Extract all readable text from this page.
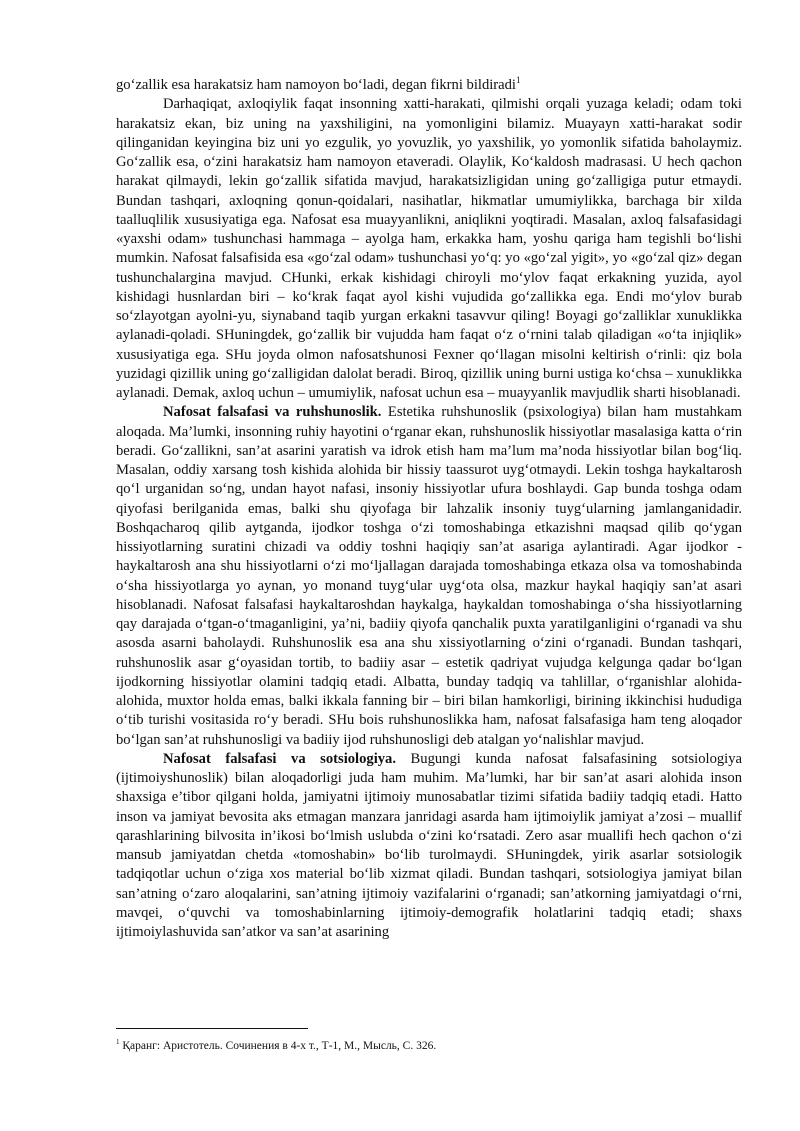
go‘zallik esa harakatsiz ham namoyon bo‘ladi, degan fikrni bildiradi$^1$

Darhaqiqat, axloqiylik faqat insonning xatti-harakati, qilmishi orqali yuzaga keladi; odam toki harakatsiz ekan, biz uning na yaxshiligini, na yomonligini bilamiz. Muayayn xatti-harakat sodir qilinganidan keyingina biz uni yo ezgulik, yo yovuzlik, yo yaxshilik, yo yomonlik sifatida baholaymiz. Go‘zallik esa, o‘zini harakatsiz ham namoyon etaveradi. Olaylik, Ko‘kaldosh madrasasi. U hech qachon harakat qilmaydi, lekin go‘zallik sifatida mavjud, harakatsizligidan uning go‘zalligiga putur etmaydi. Bundan tashqari, axloqning qonun-qoidalari, nasihatlar, hikmatlar umumiylikka, barchaga bir xilda taalluqlilik xususiyatiga ega. Nafosat esa muayyanlikni, aniqlikni yoqtiradi. Masalan, axloq falsafasidagi «yaxshi odam» tushunchasi hammaga – ayolga ham, erkakka ham, yoshu qariga ham tegishli bo‘lishi mumkin. Nafosat falsafisida esa «go‘zal odam» tushunchasi yo‘q: yo «go‘zal yigit», yo «go‘zal qiz» degan tushunchalargina mavjud. CHunki, erkak kishidagi chiroyli mo‘ylov faqat erkakning yuzida, ayol kishidagi husnlardan biri – ko‘krak faqat ayol kishi vujudida go‘zallikka ega. Endi mo‘ylov burab so‘zlayotgan ayolni-yu, siynaband taqib yurgan erkakni tasavvur qiling! Boyagi go‘zalliklar xunuklikka aylanadi-qoladi. SHuningdek, go‘zallik bir vujudda ham faqat o‘z o‘rnini talab qiladigan «o‘ta injiqlik» xususiyatiga ega. SHu joyda olmon nafosatshunosi Fexner qo‘llagan misolni keltirish o‘rinli: qiz bola yuzidagi qizillik uning go‘zalligidan dalolat beradi. Biroq, qizillik uning burni ustiga ko‘chsa – xunuklikka aylanadi. Demak, axloq uchun – umumiylik, nafosat uchun esa – muayyanlik mavjudlik sharti hisoblanadi.

Nafosat falsafasi va ruhshunoslik. Estetika ruhshunoslik (psixologiya) bilan ham mustahkam aloqada. Ma’lumki, insonning ruhiy hayotini o‘rganar ekan, ruhshunoslik hissiyotlar masalasiga katta o‘rin beradi. Go‘zallikni, san’at asarini yaratish va idrok etish ham ma’lum ma’noda hissiyotlar bilan bog‘liq. Masalan, oddiy xarsang tosh kishida alohida bir hissiy taassurot uyg‘otmaydi. Lekin toshga haykaltarosh qo‘l urganidan so‘ng, undan hayot nafasi, insoniy hissiyotlar ufura boshlaydi. Gap bunda toshga odam qiyofasi berilganida emas, balki shu qiyofaga bir lahzalik insoniy tuyg‘ularning jamlanganidadir. Boshqacharoq qilib aytganda, ijodkor toshga o‘zi tomoshabinga etkazishni maqsad qilib qo‘ygan hissiyotlarning suratini chizadi va oddiy toshni haqiqiy san’at asariga aylantiradi. Agar ijodkor - haykaltarosh ana shu hissiyotlarni o‘zi mo‘ljallagan darajada tomoshabinga etkaza olsa va tomoshabinda o‘sha hissiyotlarga yo aynan, yo monand tuyg‘ular uyg‘ota olsa, mazkur haykal haqiqiy san’at asari hisoblanadi. Nafosat falsafasi haykaltaroshdan haykalga, haykaldan tomoshabinga o‘sha hissiyotlarning qay darajada o‘tgan-o‘tmaganligini, ya’ni, badiiy qiyofa qanchalik puxta yaratilganligini o‘rganadi va shu asosda asarni baholaydi. Ruhshunoslik esa ana shu xissiyotlarning o‘zini o‘rganadi. Bundan tashqari, ruhshunoslik asar g‘oyasidan tortib, to badiiy asar – estetik qadriyat vujudga kelgunga qadar bo‘lgan ijodkorning hissiyotlar olamini tadqiq etadi. Albatta, bunday tadqiq va tahlillar, o‘rganishlar alohida-alohida, muxtor holda emas, balki ikkala fanning bir – biri bilan hamkorligi, birining ikkinchisi hududiga o‘tib turishi vositasida ro‘y beradi. SHu bois ruhshunoslikka ham, nafosat falsafasiga ham teng aloqador bo‘lgan san’at ruhshunosligi va badiiy ijod ruhshunosligi deb atalgan yo‘nalishlar mavjud.

Nafosat falsafasi va sotsiologiya. Bugungi kunda nafosat falsafasining sotsiologiya (ijtimoiyshunoslik) bilan aloqadorligi juda ham muhim. Ma’lumki, har bir san’at asari alohida inson shaxsiga e’tibor qilgani holda, jamiyatni ijtimoiy munosabatlar tizimi sifatida badiiy tadqiq etadi. Hatto inson va jamiyat bevosita aks etmagan manzara janridagi asarda ham ijtimoiylik jamiyat a’zosi – muallif qarashlarining bilvosita in’ikosi bo‘lmish uslubda o‘zini ko‘rsatadi. Zero asar muallifi hech qachon o‘zi mansub jamiyatdan chetda «tomoshabin» bo‘lib turolmaydi. SHuningdek, yirik asarlar sotsiologik tadqiqotlar uchun o‘ziga xos material bo‘lib xizmat qiladi. Bundan tashqari, sotsiologiya jamiyat bilan san’atning o‘zaro aloqalarini, san’atning ijtimoiy vazifalarini o‘rganadi; san’atkorning jamiyatdagi o‘rni, mavqei, o‘quvchi va tomoshabinlarning ijtimoiy-demografik holatlarini tadqiq etadi; shaxs ijtimoiylashuvida san’atkor va san’at asarining

$^1$ Қаранг: Аристотель. Сочинения в 4-х т., Т-1, М., Мысль, С. 326.
